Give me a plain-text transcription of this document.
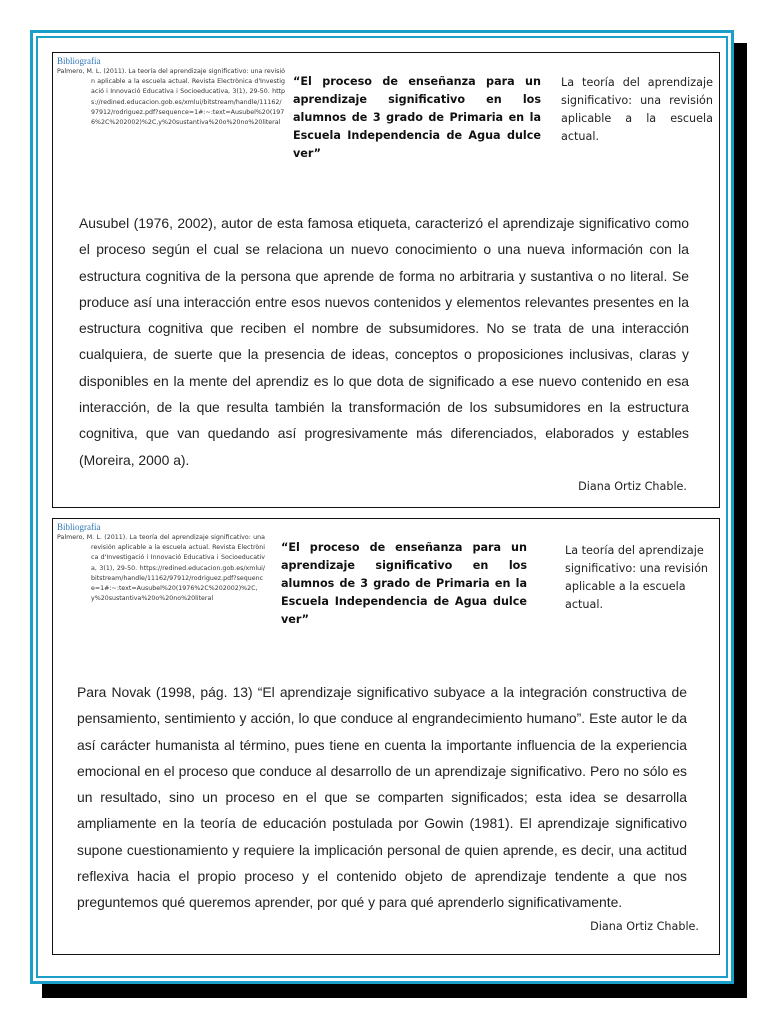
Bibliografía
Palmero, M. L. (2011). La teoría del aprendizaje significativo: una revisión aplicable a la escuela actual. Revista Electrònica d'Investigació i Innovació Educativa i Socioeducativa, 3(1), 29-50. https://redined.educacion.gob.es/xmlui/bitstream/handle/11162/97912/rodriguez.pdf?sequence=1#:~:text=Ausubel%20(1976%2C%202002)%2C,y%20sustantiva%20o%20no%20literal
“El proceso de enseñanza para un aprendizaje significativo en los alumnos de 3 grado de Primaria en la Escuela Independencia de Agua dulce ver”
La teoría del aprendizaje significativo: una revisión aplicable a la escuela actual.

Ausubel (1976, 2002), autor de esta famosa etiqueta, caracterizó el aprendizaje significativo como el proceso según el cual se relaciona un nuevo conocimiento o una nueva información con la estructura cognitiva de la persona que aprende de forma no arbitraria y sustantiva o no literal. Se produce así una interacción entre esos nuevos contenidos y elementos relevantes presentes en la estructura cognitiva que reciben el nombre de subsumidores. No se trata de una interacción cualquiera, de suerte que la presencia de ideas, conceptos o proposiciones inclusivas, claras y disponibles en la mente del aprendiz es lo que dota de significado a ese nuevo contenido en esa interacción, de la que resulta también la transformación de los subsumidores en la estructura cognitiva, que van quedando así progresivamente más diferenciados, elaborados y estables (Moreira, 2000 a).

Diana Ortiz Chable.
Bibliografía
Palmero, M. L. (2011). La teoría del aprendizaje significativo: una revisión aplicable a la escuela actual. Revista Electrònica d'Investigació i Innovació Educativa i Socioeducativa, 3(1), 29-50. https://redined.educacion.gob.es/xmlui/bitstream/handle/11162/97912/rodriguez.pdf?sequence=1#:~:text=Ausubel%20(1976%2C%202002)%2C,y%20sustantiva%20o%20no%20literal
“El proceso de enseñanza para un aprendizaje significativo en los alumnos de 3 grado de Primaria en la Escuela Independencia de Agua dulce ver”
La teoría del aprendizaje significativo: una revisión aplicable a la escuela actual.

Para Novak (1998, pág. 13) “El aprendizaje significativo subyace a la integración constructiva de pensamiento, sentimiento y acción, lo que conduce al engrandecimiento humano”. Este autor le da así carácter humanista al término, pues tiene en cuenta la importante influencia de la experiencia emocional en el proceso que conduce al desarrollo de un aprendizaje significativo. Pero no sólo es un resultado, sino un proceso en el que se comparten significados; esta idea se desarrolla ampliamente en la teoría de educación postulada por Gowin (1981). El aprendizaje significativo supone cuestionamiento y requiere la implicación personal de quien aprende, es decir, una actitud reflexiva hacia el propio proceso y el contenido objeto de aprendizaje tendente a que nos preguntemos qué queremos aprender, por qué y para qué aprenderlo significativamente.

Diana Ortiz Chable.
